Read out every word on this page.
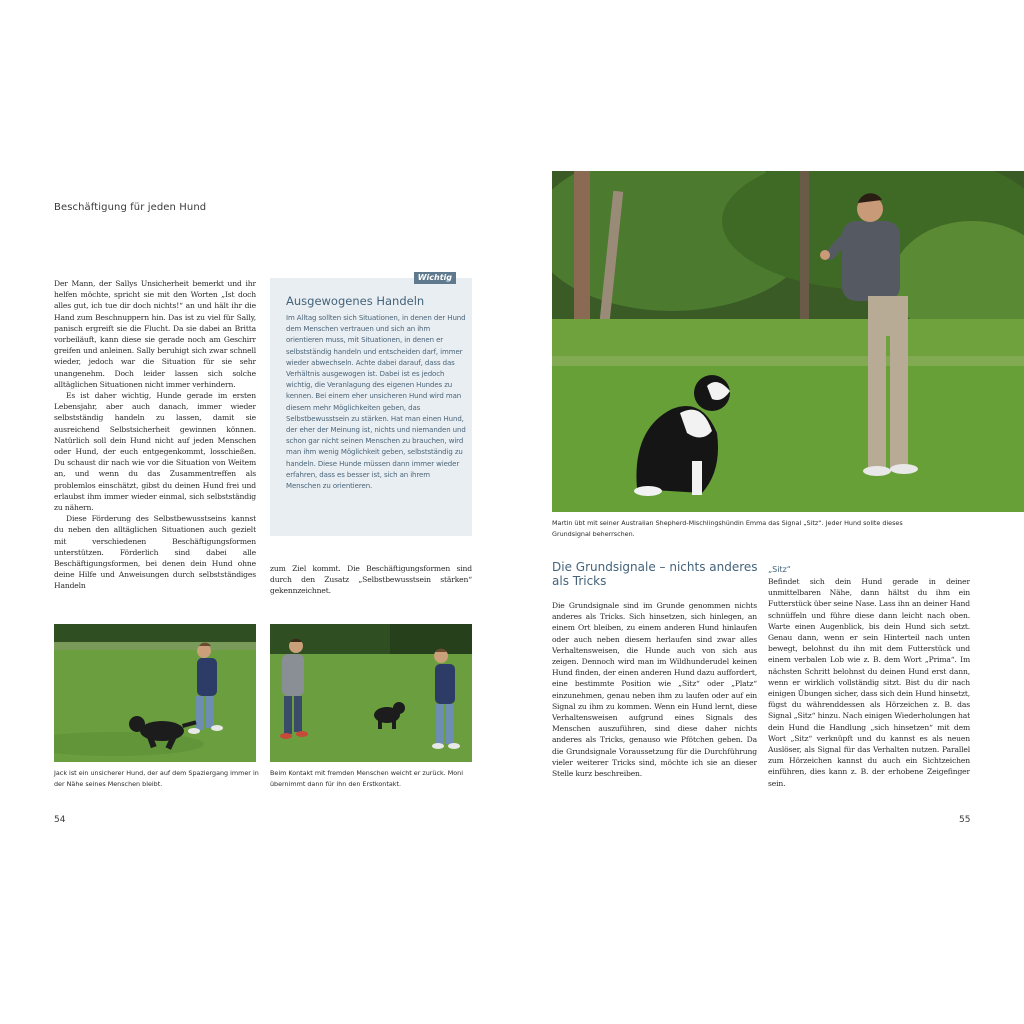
Beschäftigung für jeden Hund

Der Mann, der Sallys Unsicherheit bemerkt und ihr helfen möchte, spricht sie mit den Worten „Ist doch alles gut, ich tue dir doch nichts!“ an und hält ihr die Hand zum Beschnuppern hin. Das ist zu viel für Sally, panisch ergreift sie die Flucht. Da sie dabei an Britta vorbeiläuft, kann diese sie gerade noch am Geschirr greifen und anleinen. Sally beruhigt sich zwar schnell wieder, jedoch war die Situation für sie sehr unangenehm. Doch leider lassen sich solche alltäglichen Situationen nicht immer verhindern.

Es ist daher wichtig, Hunde gerade im ersten Lebensjahr, aber auch danach, immer wieder selbstständig handeln zu lassen, damit sie ausreichend Selbstsicherheit gewinnen können. Natürlich soll dein Hund nicht auf jeden Menschen oder Hund, der euch entgegenkommt, losschießen. Du schaust dir nach wie vor die Situation von Weitem an, und wenn du das Zusammentreffen als problemlos einschätzt, gibst du deinen Hund frei und erlaubst ihm immer wieder einmal, sich selbstständig zu nähern.

Diese Förderung des Selbstbewusstseins kannst du neben den alltäglichen Situationen auch gezielt mit verschiedenen Beschäftigungsformen unterstützen. Förderlich sind dabei alle Beschäftigungsformen, bei denen dein Hund ohne deine Hilfe und Anweisungen durch selbstständiges Handeln

Wichtig
Ausgewogenes Handeln
Im Alltag sollten sich Situationen, in denen der Hund dem Menschen vertrauen und sich an ihm orientieren muss, mit Situationen, in denen er selbstständig handeln und entscheiden darf, immer wieder abwechseln. Achte dabei darauf, dass das Verhältnis ausgewogen ist. Dabei ist es jedoch wichtig, die Veranlagung des eigenen Hundes zu kennen. Bei einem eher unsicheren Hund wird man diesem mehr Möglichkeiten geben, das Selbstbewusstsein zu stärken. Hat man einen Hund, der eher der Meinung ist, nichts und niemanden und schon gar nicht seinen Menschen zu brauchen, wird man ihm wenig Möglichkeit geben, selbstständig zu handeln. Diese Hunde müssen dann immer wieder erfahren, dass es besser ist, sich an ihrem Menschen zu orientieren.

zum Ziel kommt. Die Beschäftigungsformen sind durch den Zusatz „Selbstbewusstsein stärken“ gekennzeichnet.

Jack ist ein unsicherer Hund, der auf dem Spaziergang immer in der Nähe seines Menschen bleibt.
Beim Kontakt mit fremden Menschen weicht er zurück. Moni übernimmt dann für ihn den Erstkontakt.
54
Martin übt mit seiner Australian Shepherd-Mischlingshündin Emma das Signal „Sitz“. Jeder Hund sollte dieses Grundsignal beherrschen.
Die Grundsignale – nichts anderes als Tricks

Die Grundsignale sind im Grunde genommen nichts anderes als Tricks. Sich hinsetzen, sich hinlegen, an einem Ort bleiben, zu einem anderen Hund hinlaufen oder auch neben diesem herlaufen sind zwar alles Verhaltensweisen, die Hunde auch von sich aus zeigen. Dennoch wird man im Wildhunderudel keinen Hund finden, der einen anderen Hund dazu auffordert, eine bestimmte Position wie „Sitz“ oder „Platz“ einzunehmen, genau neben ihm zu laufen oder auf ein Signal zu ihm zu kommen. Wenn ein Hund lernt, diese Verhaltensweisen aufgrund eines Signals des Menschen auszuführen, sind diese daher nichts anderes als Tricks, genauso wie Pfötchen geben. Da die Grundsignale Voraussetzung für die Durchführung vieler weiterer Tricks sind, möchte ich sie an dieser Stelle kurz beschreiben.

„Sitz“

Befindet sich dein Hund gerade in deiner unmittelbaren Nähe, dann hältst du ihm ein Futterstück über seine Nase. Lass ihn an deiner Hand schnüffeln und führe diese dann leicht nach oben. Warte einen Augenblick, bis dein Hund sich setzt. Genau dann, wenn er sein Hinterteil nach unten bewegt, belohnst du ihn mit dem Futterstück und einem verbalen Lob wie z. B. dem Wort „Prima“. Im nächsten Schritt belohnst du deinen Hund erst dann, wenn er wirklich vollständig sitzt. Bist du dir nach einigen Übungen sicher, dass sich dein Hund hinsetzt, fügst du währenddessen als Hörzeichen z. B. das Signal „Sitz“ hinzu. Nach einigen Wiederholungen hat dein Hund die Handlung „sich hinsetzen“ mit dem Wort „Sitz“ verknüpft und du kannst es als neuen Auslöser, als Signal für das Verhalten nutzen. Parallel zum Hörzeichen kannst du auch ein Sichtzeichen einführen, dies kann z. B. der erhobene Zeigefinger sein.

55
